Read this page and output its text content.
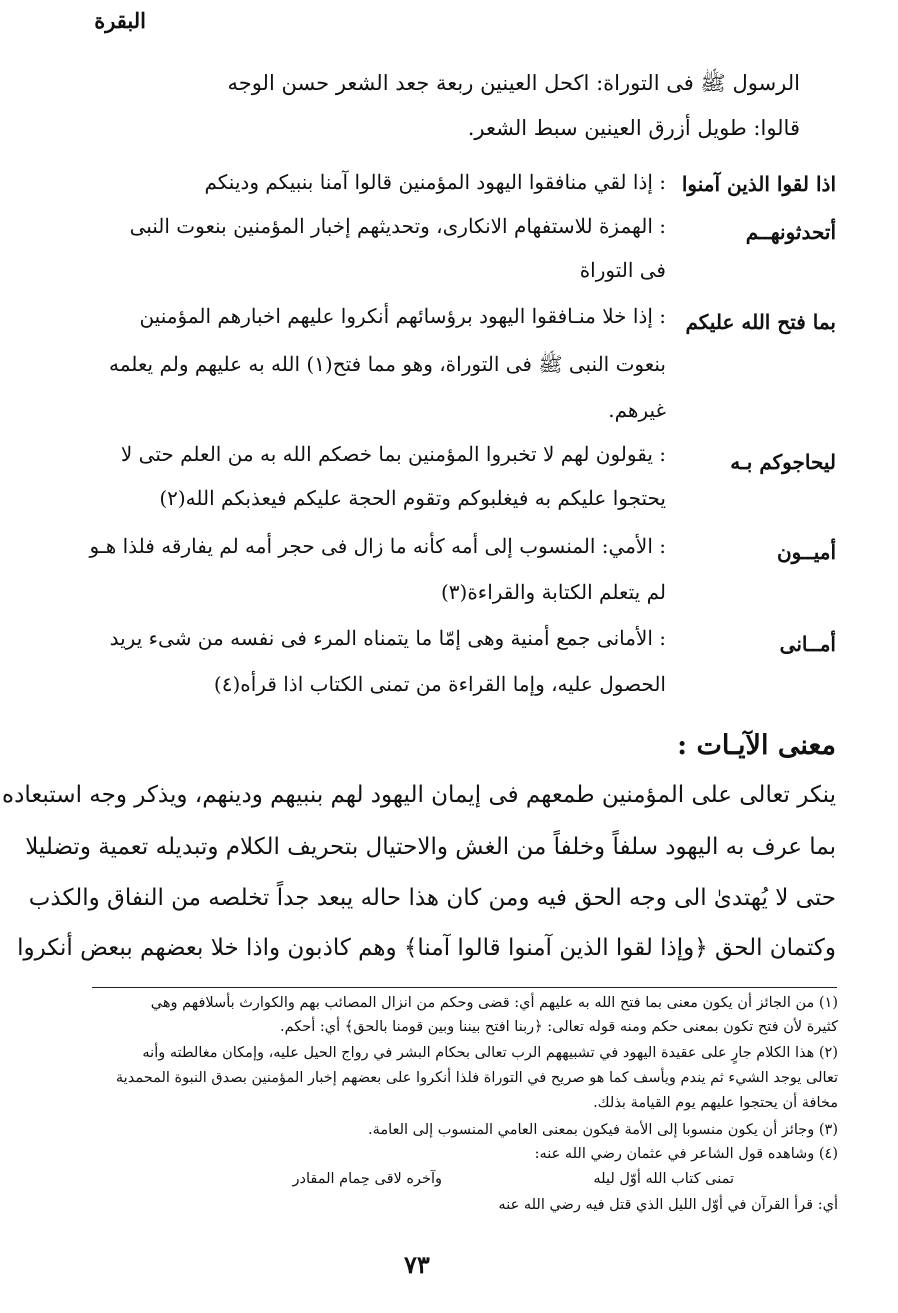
البقرة
الرسول ﷺ فى التوراة: اكحل العينين ربعة جعد الشعر حسن الوجه
قالوا: طويل أزرق العينين سبط الشعر.
اذا لقوا الذين آمنوا
: إذا لقي منافقوا اليهود المؤمنين قالوا آمنا بنبيكم ودينكم
أتحدثونهــم
: الهمزة للاستفهام الانكارى، وتحديثهم إخبار المؤمنين بنعوت النبى
فى التوراة
بما فتح الله عليكم
: إذا خلا منـافقوا اليهود برؤسائهم أنكروا عليهم اخبارهم المؤمنين
بنعوت النبى ﷺ فى التوراة، وهو مما فتح(١) الله به عليهم ولم يعلمه
غيرهم.
ليحاجوكم بـه
: يقولون لهم لا تخبروا المؤمنين بما خصكم الله به من العلم حتى لا
يحتجوا عليكم به فيغلبوكم وتقوم الحجة عليكم فيعذبكم الله(٢)
أميــون
: الأمي: المنسوب إلى أمه كأنه ما زال فى حجر أمه لم يفارقه فلذا هـو
لم يتعلم الكتابة والقراءة(٣)
أمــانى
: الأمانى جمع أمنية وهى إمّا ما يتمناه المرء فى نفسه من شىء يريد
الحصول عليه، وإما القراءة من تمنى الكتاب اذا قرأه(٤)
معنى الآيـات :
ينكر تعالى على المؤمنين طمعهم فى إيمان اليهود لهم بنبيهم ودينهم، ويذكر وجه استبعاده
بما عرف به اليهود سلفاً وخلفاً من الغش والاحتيال بتحريف الكلام وتبديله تعمية وتضليلا
حتى لا يُهتدىٰ الى وجه الحق فيه ومن كان هذا حاله يبعد جداً تخلصه من النفاق والكذب
وكتمان الحق ﴿وإذا لقوا الذين آمنوا قالوا آمنا﴾ وهم كاذبون واذا خلا بعضهم ببعض أنكروا
(١) من الجائز أن يكون معنى بما فتح الله به عليهم أي: قضى وحكم من انزال المصائب بهم والكوارث بأسلافهم وهي
كثيرة لأن فتح تكون بمعنى حكم ومنه قوله تعالى: ﴿ربنا افتح بيننا وبين قومنا بالحق﴾ أي: أحكم.
(٢) هذا الكلام جارٍ على عقيدة اليهود في تشبيههم الرب تعالى بحكام البشر في رواج الحيل عليه، وإمكان مغالطته وأنه
تعالى يوجد الشيء ثم يندم ويأسف كما هو صريح في التوراة فلذا أنكروا على بعضهم إخبار المؤمنين بصدق النبوة المحمدية
مخافة أن يحتجوا عليهم يوم القيامة بذلك.
(٣) وجائز أن يكون منسوبا إلى الأمة فيكون بمعنى العامي المنسوب إلى العامة.
(٤) وشاهده قول الشاعر في عثمان رضي الله عنه:
تمنى كتاب الله أوّل ليله
وآخره لاقى حِمام المقادر
أي: قرأ القرآن في أوّل الليل الذي قتل فيه رضي الله عنه
٧٣
